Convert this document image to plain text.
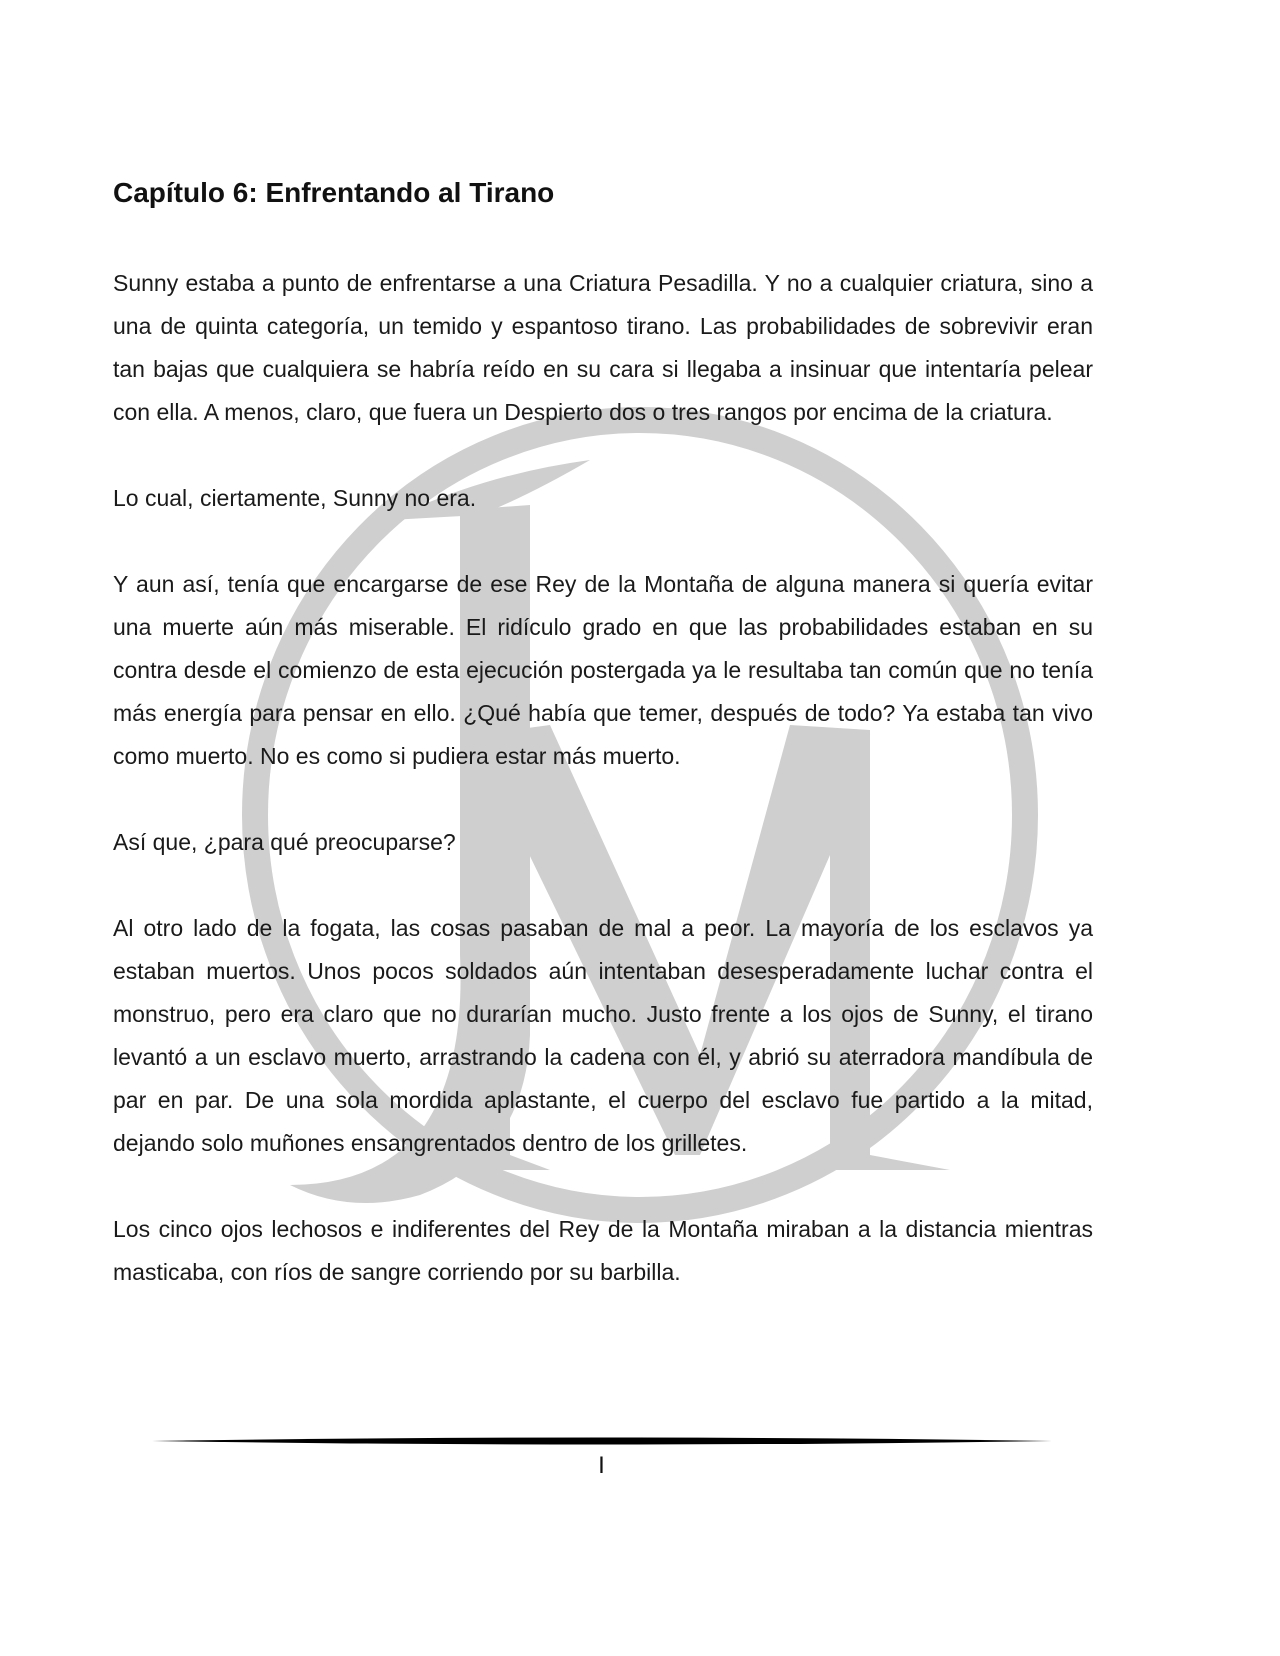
Capítulo 6: Enfrentando al Tirano

Sunny estaba a punto de enfrentarse a una Criatura Pesadilla. Y no a cualquier criatura, sino a una de quinta categoría, un temido y espantoso tirano. Las probabilidades de sobrevivir eran tan bajas que cualquiera se habría reído en su cara si llegaba a insinuar que intentaría pelear con ella. A menos, claro, que fuera un Despierto dos o tres rangos por encima de la criatura.

Lo cual, ciertamente, Sunny no era.

Y aun así, tenía que encargarse de ese Rey de la Montaña de alguna manera si quería evitar una muerte aún más miserable. El ridículo grado en que las probabilidades estaban en su contra desde el comienzo de esta ejecución postergada ya le resultaba tan común que no tenía más energía para pensar en ello. ¿Qué había que temer, después de todo? Ya estaba tan vivo como muerto. No es como si pudiera estar más muerto.

Así que, ¿para qué preocuparse?

Al otro lado de la fogata, las cosas pasaban de mal a peor. La mayoría de los esclavos ya estaban muertos. Unos pocos soldados aún intentaban desesperadamente luchar contra el monstruo, pero era claro que no durarían mucho. Justo frente a los ojos de Sunny, el tirano levantó a un esclavo muerto, arrastrando la cadena con él, y abrió su aterradora mandíbula de par en par. De una sola mordida aplastante, el cuerpo del esclavo fue partido a la mitad, dejando solo muñones ensangrentados dentro de los grilletes.

Los cinco ojos lechosos e indiferentes del Rey de la Montaña miraban a la distancia mientras masticaba, con ríos de sangre corriendo por su barbilla.

I
